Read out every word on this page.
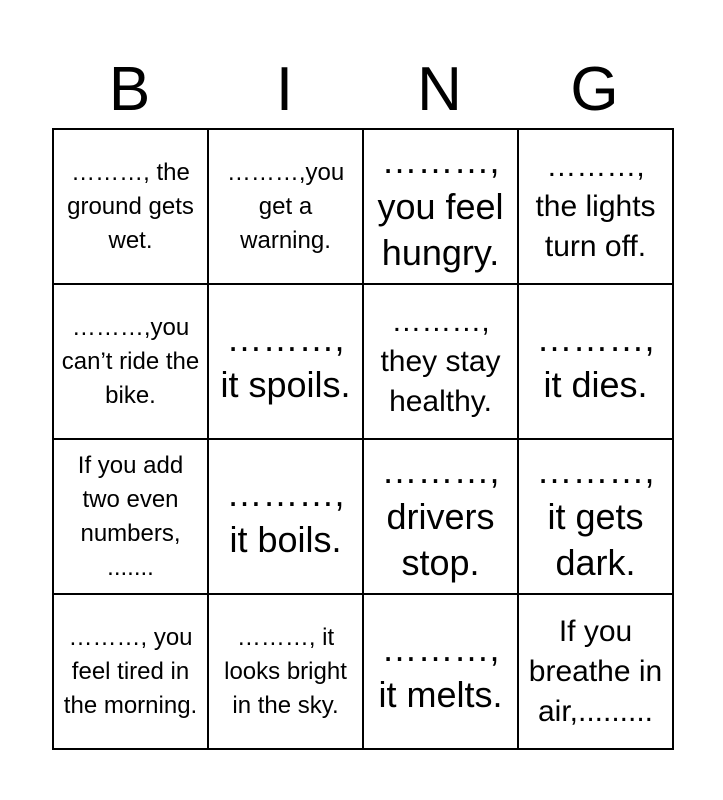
B	I	N	G
………, the ground gets wet.	………,you get a warning.	………, you feel hungry.	………, the lights turn off.
………,you can’t ride the bike.	………, it spoils.	………, they stay healthy.	………, it dies.
If you add two even numbers, .......	………, it boils.	………, drivers stop.	………, it gets dark.
………, you feel tired in the morning.	………, it looks bright in the sky.	………, it melts.	If you breathe in air,.........
